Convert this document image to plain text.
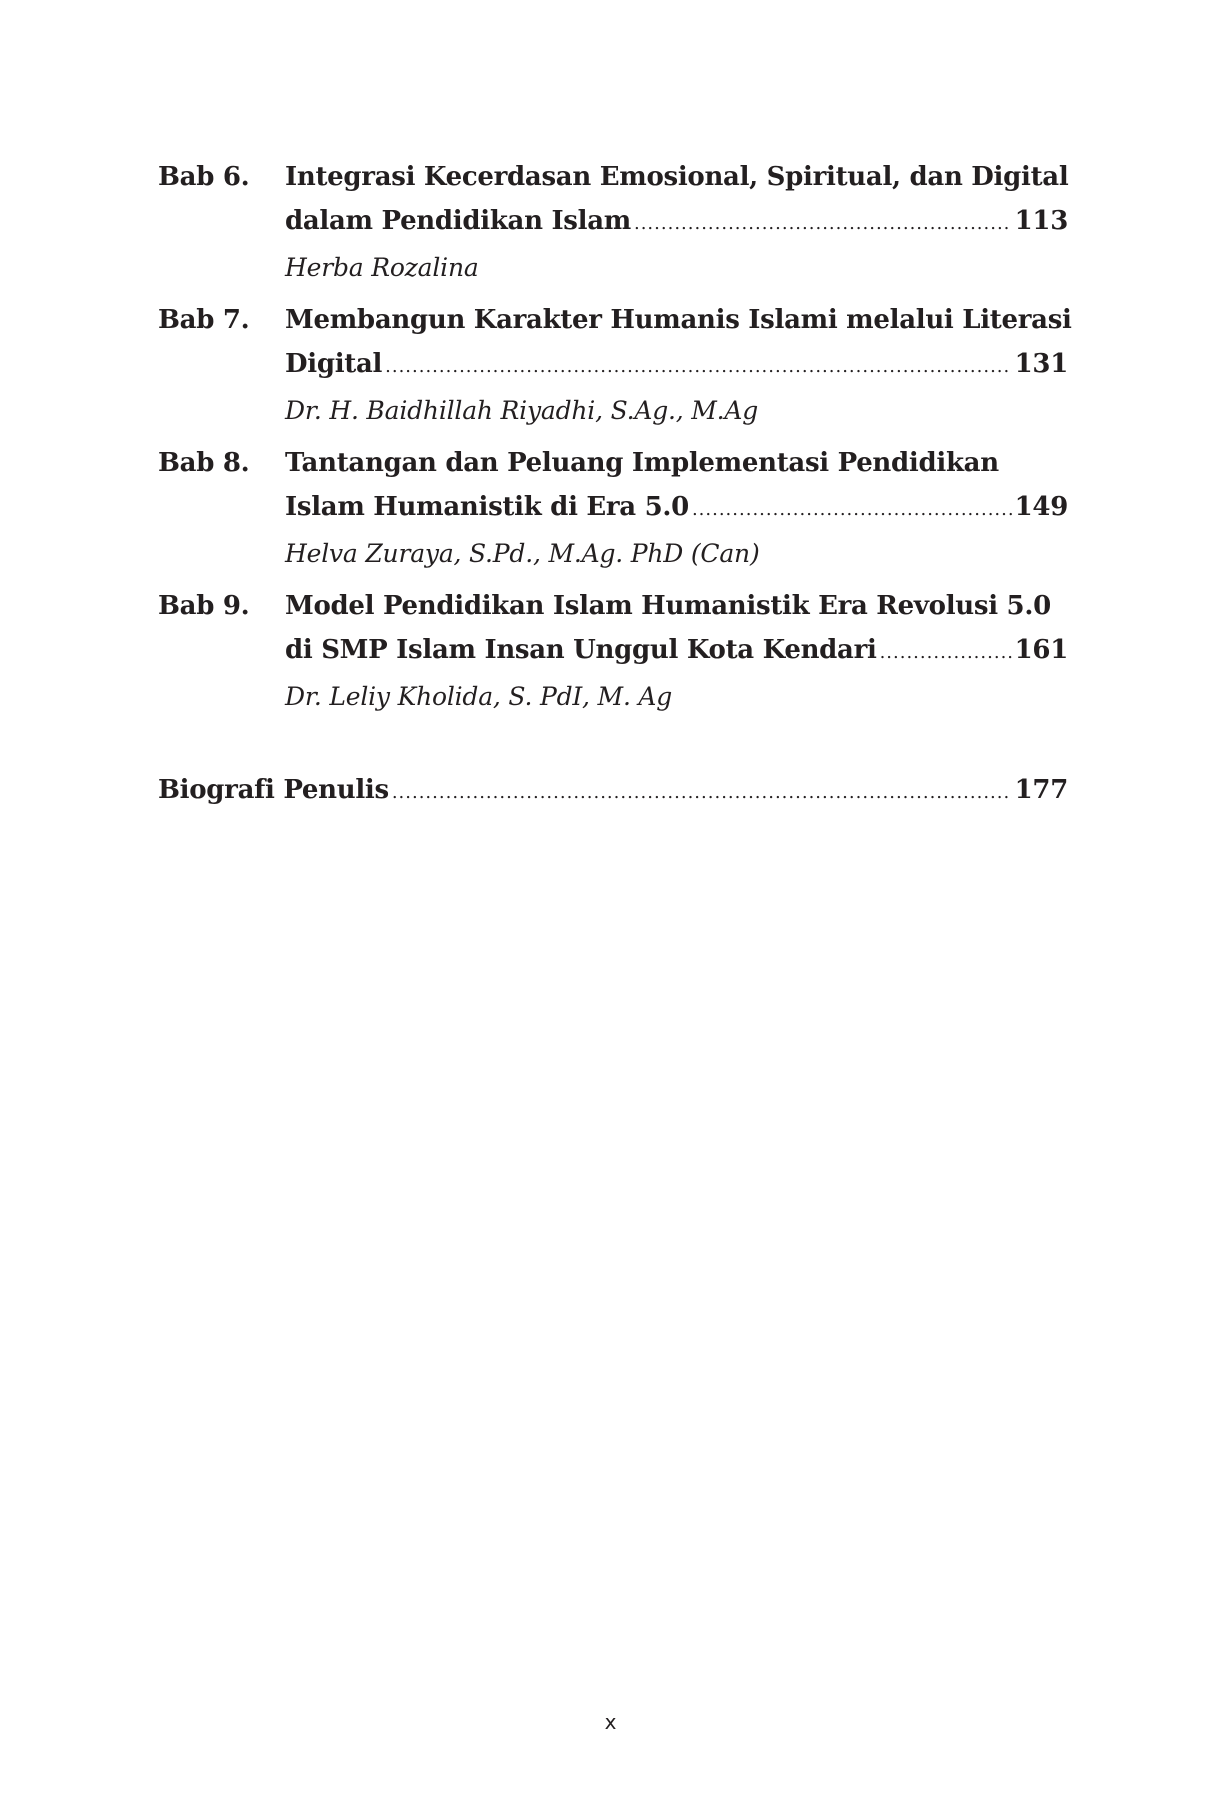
Bab 6.	Integrasi Kecerdasan Emosional, Spiritual, dan Digital
dalam Pendidikan Islam .....	113
Herba Rozalina
Bab 7.	Membangun Karakter Humanis Islami melalui Literasi
Digital .....	131
Dr. H. Baidhillah Riyadhi, S.Ag., M.Ag
Bab 8.	Tantangan dan Peluang Implementasi Pendidikan
Islam Humanistik di Era 5.0 .....	149
Helva Zuraya, S.Pd., M.Ag. PhD (Can)
Bab 9.	Model Pendidikan Islam Humanistik Era Revolusi 5.0
di SMP Islam Insan Unggul Kota Kendari .....	161
Dr. Leliy Kholida, S. PdI, M. Ag
Biografi Penulis .....	177
x
